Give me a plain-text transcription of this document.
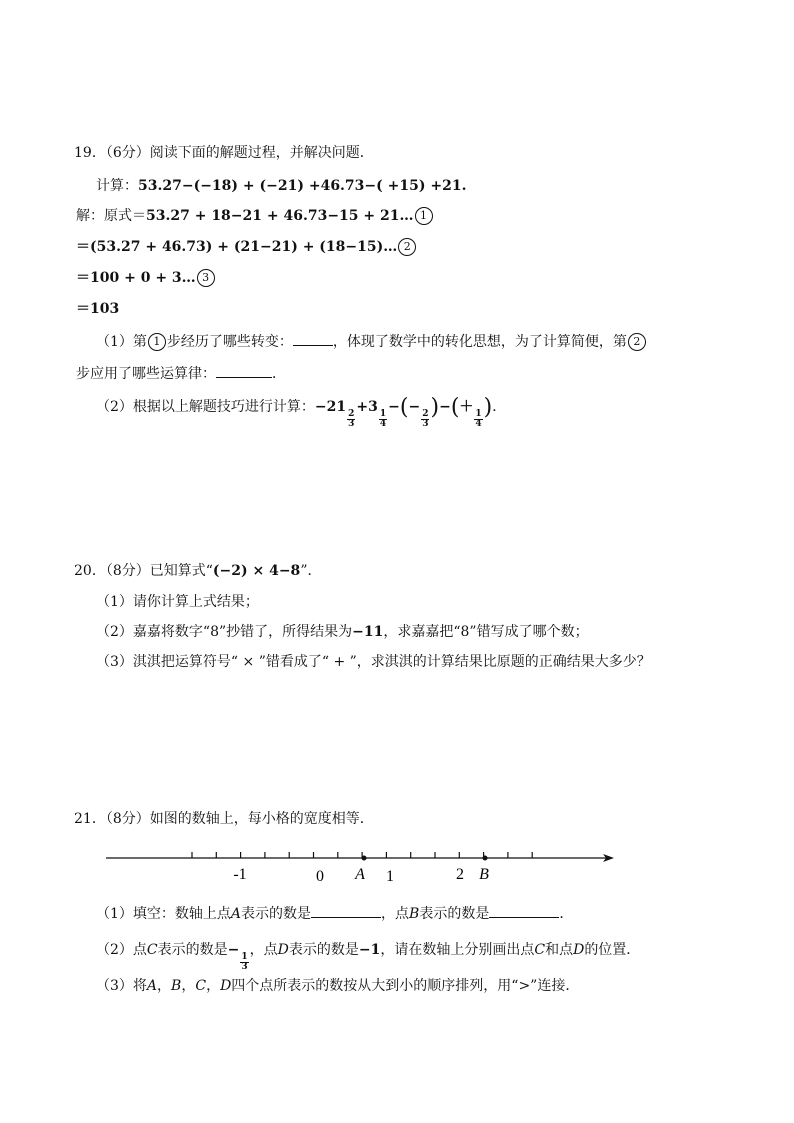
19．（6分）阅读下面的解题过程，并解决问题．
计算：53.27−(−18) + (−21) +46.73−( +15) +21.
解：原式＝53.27 + 18−21 + 46.73−15 + 21… 1
＝(53.27 + 46.73) + (21−21) + (18−15)… 2
＝100 + 0 + 3… 3
＝103
（1）第 1 步经历了哪些转变：	，体现了数学中的转化思想，为了计算简便，第 2
步应用了哪些运算律：	．
（2）根据以上解题技巧进行计算：−21
$\frac{2}{3}$
+3
$\frac{1}{4}$
−(−
$\frac{2}{3}$ )−(＋
$\frac{1}{4}$ )．
20．（8分）已知算式“(−2) × 4−8”．
（1）请你计算上式结果；
（2）嘉嘉将数字“8”抄错了，所得结果为−11，求嘉嘉把“8”错写成了哪个数；
（3）淇淇把运算符号“ × ”错看成了“ + ”，求淇淇的计算结果比原题的正确结果大多少？
21．（8分）如图的数轴上，每小格的宽度相等．
-1	0 A 1	2 B
（1）填空：数轴上点A表示的数是	，点B表示的数是	．
（2）点C表示的数是−
$\frac{1}{3}$
，点D表示的数是−1，请在数轴上分别画出点C和点D的位置．
（3）将A，B，C，D四个点所表示的数按从大到小的顺序排列，用“>”连接．
